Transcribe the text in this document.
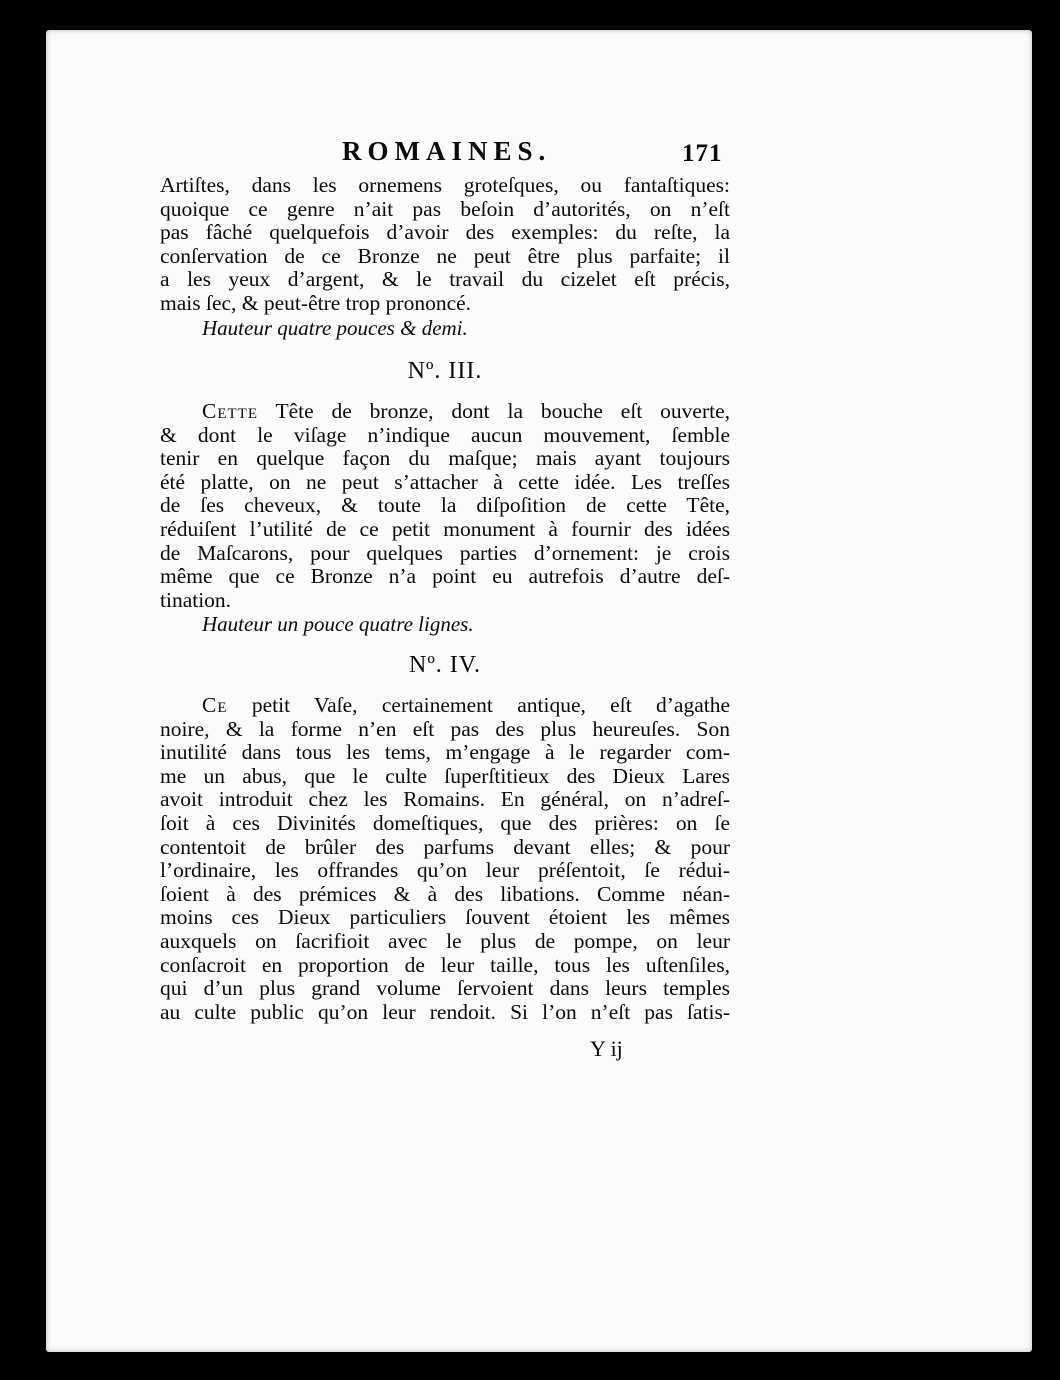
ROMAINES.	171
Artiſtes, dans les ornemens groteſques, ou fantaſtiques:
quoique ce genre n’ait pas beſoin d’autorités, on n’eſt
pas fâché quelquefois d’avoir des exemples: du reſte, la
conſervation de ce Bronze ne peut être plus parfaite; il
a les yeux d’argent, & le travail du cizelet eſt précis,
mais ſec, & peut-être trop prononcé.
Hauteur quatre pouces & demi.
Nº. III.
Cette Tête de bronze, dont la bouche eſt ouverte,
& dont le viſage n’indique aucun mouvement, ſemble
tenir en quelque façon du maſque; mais ayant toujours
été platte, on ne peut s’attacher à cette idée. Les treſſes
de ſes cheveux, & toute la diſpoſition de cette Tête,
réduiſent l’utilité de ce petit monument à fournir des idées
de Maſcarons, pour quelques parties d’ornement: je crois
même que ce Bronze n’a point eu autrefois d’autre deſ-
tination.
Hauteur un pouce quatre lignes.
Nº. IV.
Ce petit Vaſe, certainement antique, eſt d’agathe
noire, & la forme n’en eſt pas des plus heureuſes. Son
inutilité dans tous les tems, m’engage à le regarder com-
me un abus, que le culte ſuperſtitieux des Dieux Lares
avoit introduit chez les Romains. En général, on n’adreſ-
ſoit à ces Divinités domeſtiques, que des prières: on ſe
contentoit de brûler des parfums devant elles; & pour
l’ordinaire, les offrandes qu’on leur préſentoit, ſe rédui-
ſoient à des prémices & à des libations. Comme néan-
moins ces Dieux particuliers ſouvent étoient les mêmes
auxquels on ſacrifioit avec le plus de pompe, on leur
conſacroit en proportion de leur taille, tous les uſtenſiles,
qui d’un plus grand volume ſervoient dans leurs temples
au culte public qu’on leur rendoit. Si l’on n’eſt pas ſatis-
Y ij
